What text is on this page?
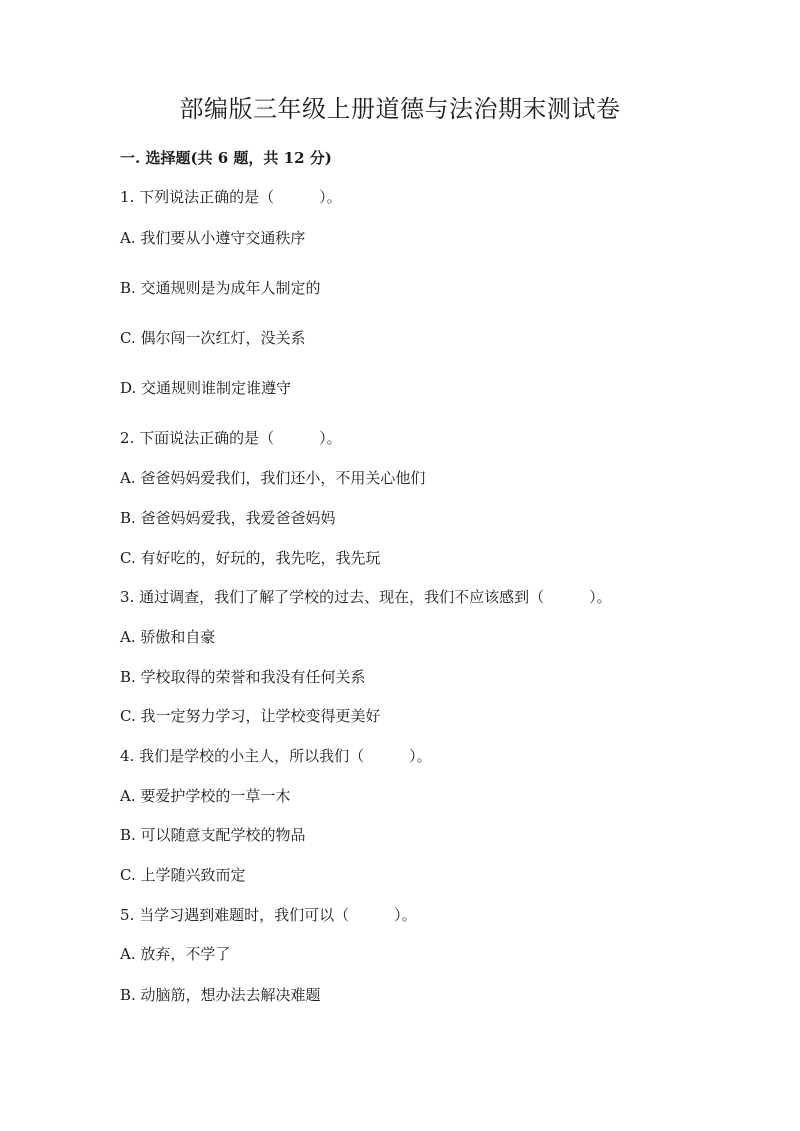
部编版三年级上册道德与法治期末测试卷

一. 选择题(共 6 题，共 12 分)

1. 下列说法正确的是（　　　）。

A. 我们要从小遵守交通秩序

B. 交通规则是为成年人制定的

C. 偶尔闯一次红灯，没关系

D. 交通规则谁制定谁遵守

2. 下面说法正确的是（　　　）。

A. 爸爸妈妈爱我们，我们还小，不用关心他们

B. 爸爸妈妈爱我，我爱爸爸妈妈

C. 有好吃的，好玩的，我先吃，我先玩

3. 通过调查，我们了解了学校的过去、现在，我们不应该感到（　　　）。

A. 骄傲和自豪

B. 学校取得的荣誉和我没有任何关系

C. 我一定努力学习，让学校变得更美好

4. 我们是学校的小主人，所以我们（　　　）。

A. 要爱护学校的一草一木

B. 可以随意支配学校的物品

C. 上学随兴致而定

5. 当学习遇到难题时，我们可以（　　　）。

A. 放弃，不学了

B. 动脑筋，想办法去解决难题
